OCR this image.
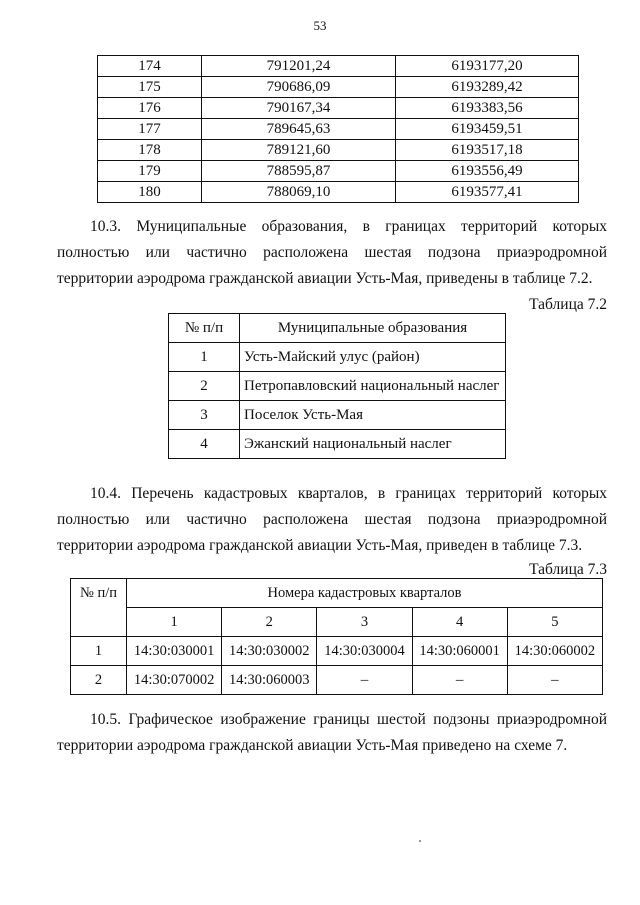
53
174	791201,24	6193177,20
175	790686,09	6193289,42
176	790167,34	6193383,56
177	789645,63	6193459,51
178	789121,60	6193517,18
179	788595,87	6193556,49
180	788069,10	6193577,41

10.3. Муниципальные образования, в границах территорий которых полностью или частично расположена шестая подзона приаэродромной территории аэродрома гражданской авиации Усть-Мая, приведены в таблице 7.2.

Таблица 7.2
№ п/п	Муниципальные образования
1	Усть-Майский улус (район)
2	Петропавловский национальный наслег
3	Поселок Усть-Мая
4	Эжанский национальный наслег

10.4. Перечень кадастровых кварталов, в границах территорий которых полностью или частично расположена шестая подзона приаэродромной территории аэродрома гражданской авиации Усть-Мая, приведен в таблице 7.3.

Таблица 7.3
№ п/п	Номера кадастровых кварталов				
	1	2	3	4	5
1	14:30:030001	14:30:030002	14:30:030004	14:30:060001	14:30:060002
2	14:30:070002	14:30:060003	–	–	–

10.5. Графическое изображение границы шестой подзоны приаэродромной территории аэродрома гражданской авиации Усть-Мая приведено на схеме 7.
